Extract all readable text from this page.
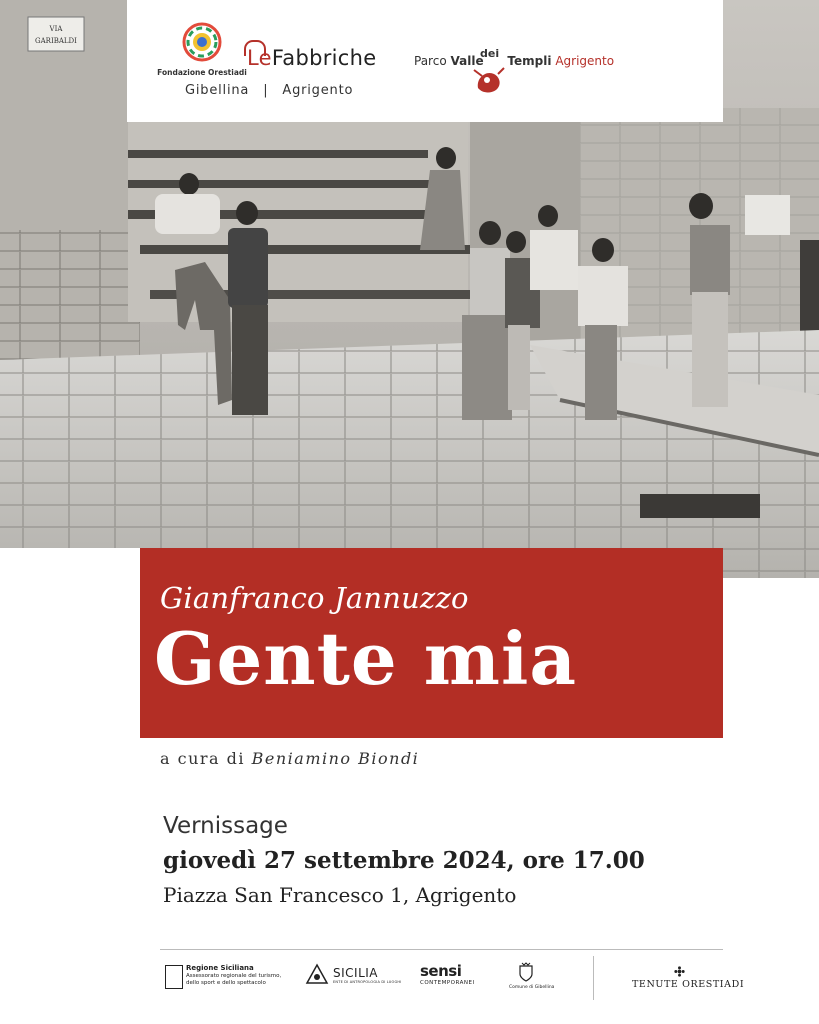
VIA
GARIBALDI
Fondazione Orestiadi
LeFabbriche
Gibellina | Agrigento
Parco Valle
dei
Templi Agrigento
Gianfranco Jannuzzo
Gente mia
a cura di Beniamino Biondi
Vernissage
giovedì 27 settembre 2024, ore 17.00
Piazza San Francesco 1, Agrigento
Regione Siciliana
Assessorato regionale del turismo,
dello sport e dello spettacolo
SICILIA
ENTE DI ANTROPOLOGIA DI LUOGHI
sensi
CONTEMPORANEI
Comune di Gibellina	TENUTE ORESTIADI
